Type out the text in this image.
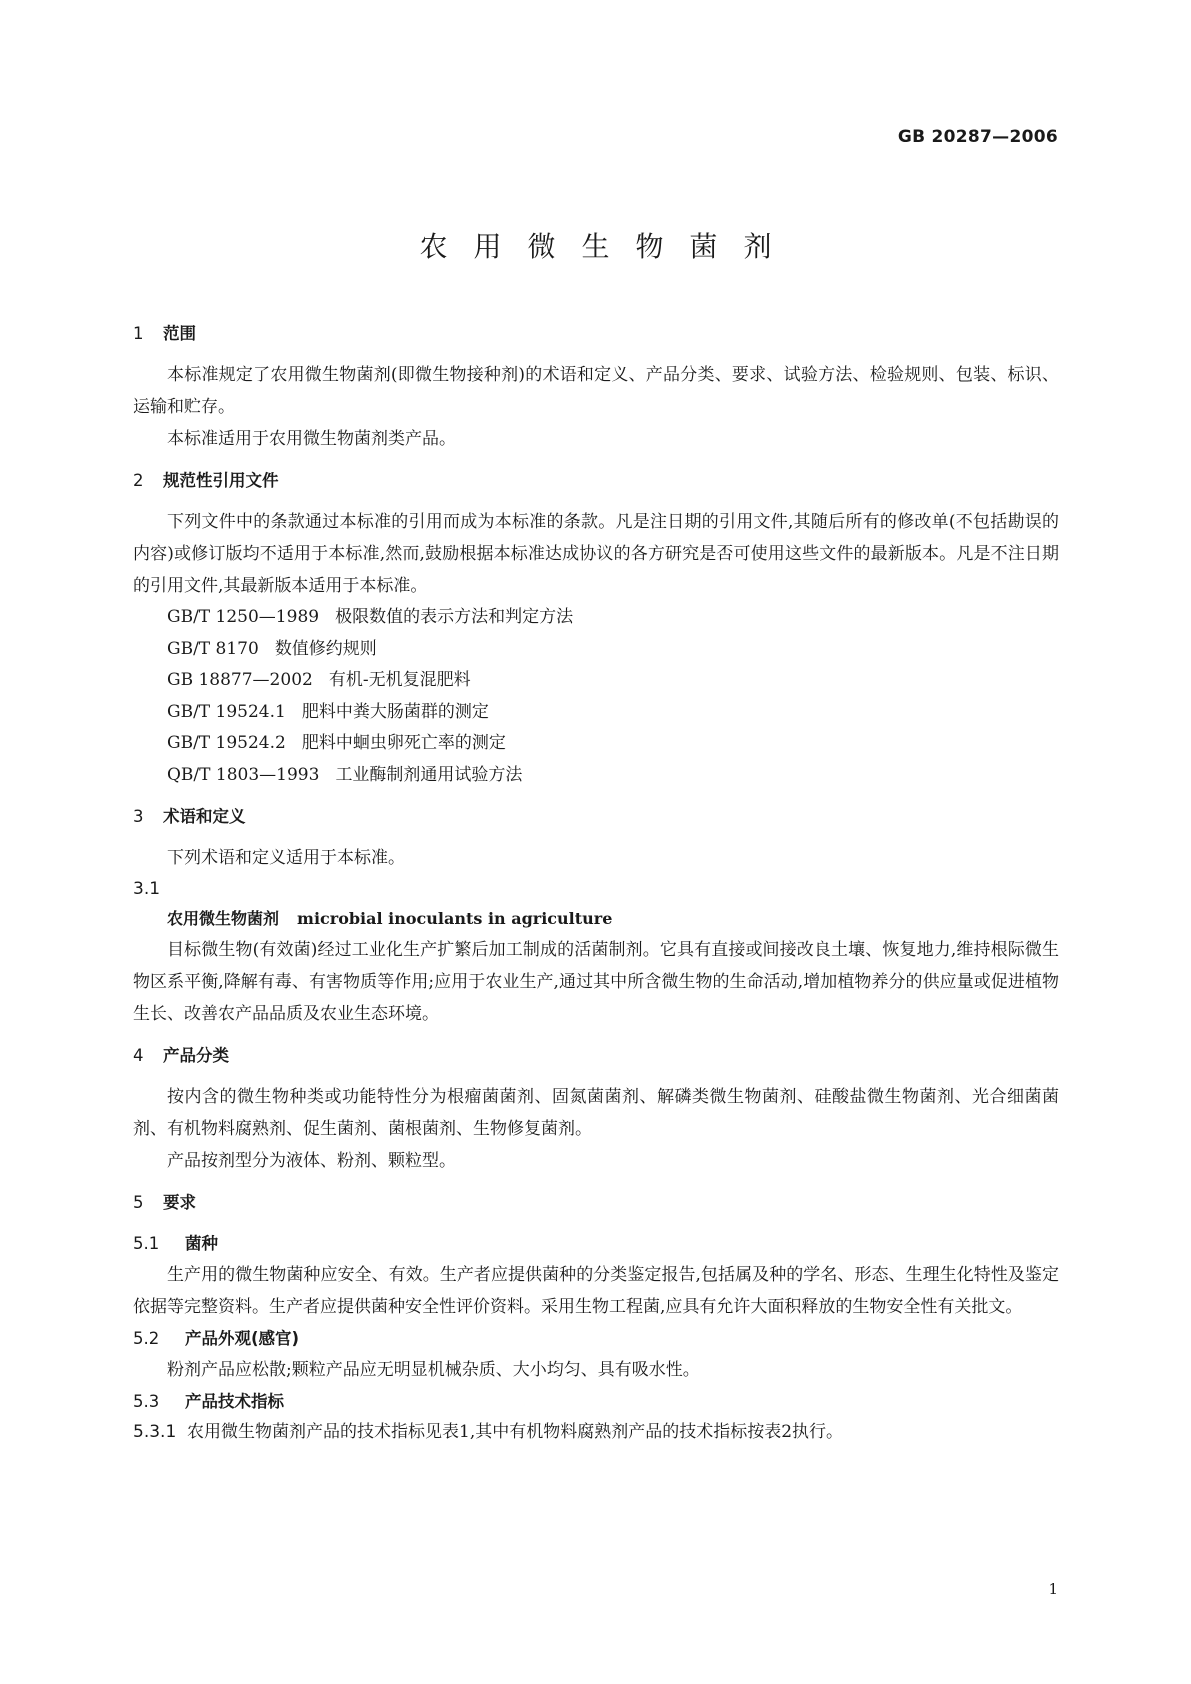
GB 20287—2006
农用微生物菌剂

1 范围

本标准规定了农用微生物菌剂(即微生物接种剂)的术语和定义、产品分类、要求、试验方法、检验规则、包装、标识、运输和贮存。

本标准适用于农用微生物菌剂类产品。

2 规范性引用文件

下列文件中的条款通过本标准的引用而成为本标准的条款。凡是注日期的引用文件,其随后所有的修改单(不包括勘误的内容)或修订版均不适用于本标准,然而,鼓励根据本标准达成协议的各方研究是否可使用这些文件的最新版本。凡是不注日期的引用文件,其最新版本适用于本标准。

GB/T 1250—1989 极限数值的表示方法和判定方法

GB/T 8170 数值修约规则

GB 18877—2002 有机-无机复混肥料

GB/T 19524.1 肥料中粪大肠菌群的测定

GB/T 19524.2 肥料中蛔虫卵死亡率的测定

QB/T 1803—1993 工业酶制剂通用试验方法

3 术语和定义

下列术语和定义适用于本标准。

3.1

农用微生物菌剂 microbial inoculants in agriculture

目标微生物(有效菌)经过工业化生产扩繁后加工制成的活菌制剂。它具有直接或间接改良土壤、恢复地力,维持根际微生物区系平衡,降解有毒、有害物质等作用;应用于农业生产,通过其中所含微生物的生命活动,增加植物养分的供应量或促进植物生长、改善农产品品质及农业生态环境。

4 产品分类

按内含的微生物种类或功能特性分为根瘤菌菌剂、固氮菌菌剂、解磷类微生物菌剂、硅酸盐微生物菌剂、光合细菌菌剂、有机物料腐熟剂、促生菌剂、菌根菌剂、生物修复菌剂。

产品按剂型分为液体、粉剂、颗粒型。

5 要求

5.1 菌种

生产用的微生物菌种应安全、有效。生产者应提供菌种的分类鉴定报告,包括属及种的学名、形态、生理生化特性及鉴定依据等完整资料。生产者应提供菌种安全性评价资料。采用生物工程菌,应具有允许大面积释放的生物安全性有关批文。

5.2 产品外观(感官)

粉剂产品应松散;颗粒产品应无明显机械杂质、大小均匀、具有吸水性。

5.3 产品技术指标

5.3.1 农用微生物菌剂产品的技术指标见表1,其中有机物料腐熟剂产品的技术指标按表2执行。

1
